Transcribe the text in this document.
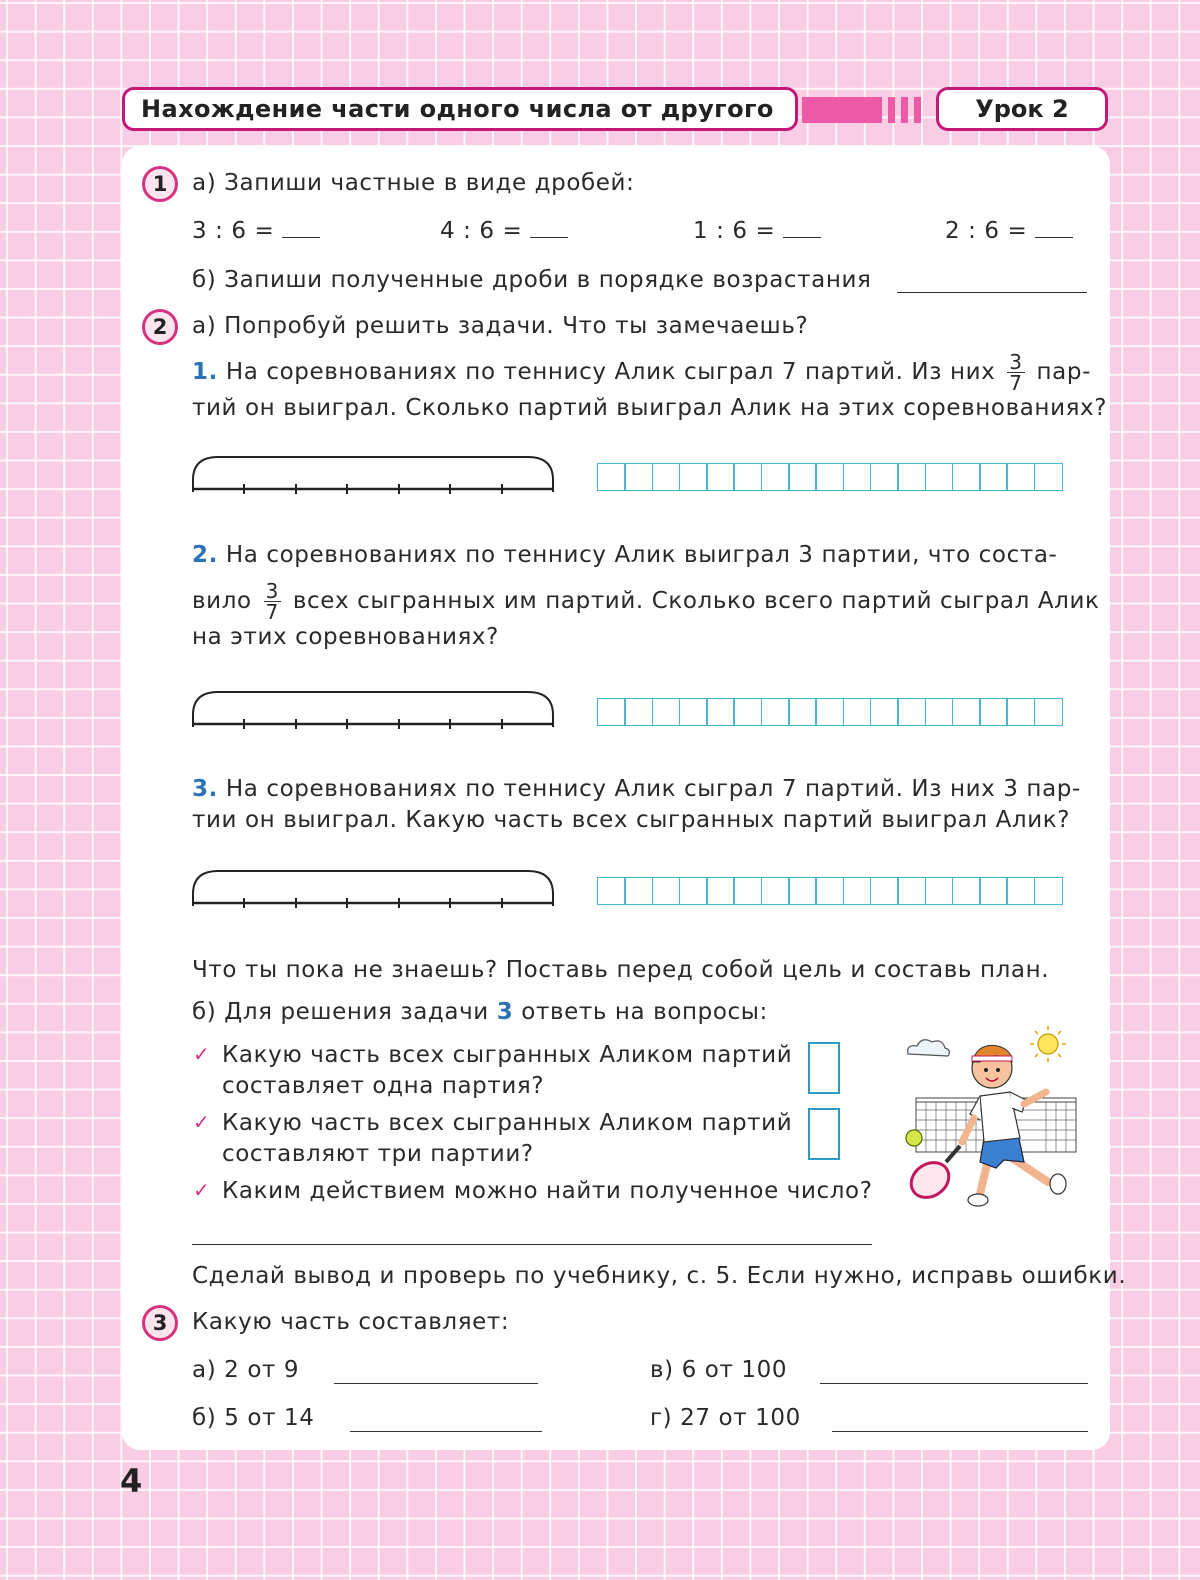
Нахождение части одного числа от другого	Урок 2
1	а) Запиши частные в виде дробей:
3 : 6 =	4 : 6 =	1 : 6 =	2 : 6 =
б) Запиши полученные дроби в порядке возрастания
2	а) Попробуй решить задачи. Что ты замечаешь?
1. На соревнованиях по теннису Алик сыграл 7 партий. Из них $\frac{3}{7} пар-$
тий он выиграл. Сколько партий выиграл Алик на этих соревнованиях?
2. На соревнованиях по теннису Алик выиграл 3 партии, что соста-
вило $\frac{3}{7}$ всех сыгранных им партий. Сколько всего партий сыграл Алик
на этих соревнованиях?
3. На соревнованиях по теннису Алик сыграл 7 партий. Из них 3 пар-
тии он выиграл. Какую часть всех сыгранных партий выиграл Алик?
Что ты пока не знаешь? Поставь перед собой цель и составь план.
б) Для решения задачи 3 ответь на вопросы:
✓ Какую часть всех сыгранных Аликом партий
составляет одна партия?
✓ Какую часть всех сыгранных Аликом партий
составляют три партии?
✓ Каким действием можно найти полученное число?
Сделай вывод и проверь по учебнику, с. 5. Если нужно, исправь ошибки.
3	Какую часть составляет:
а) 2 от 9
б) 5 от 14
в) 6 от 100
г) 27 от 100
4
